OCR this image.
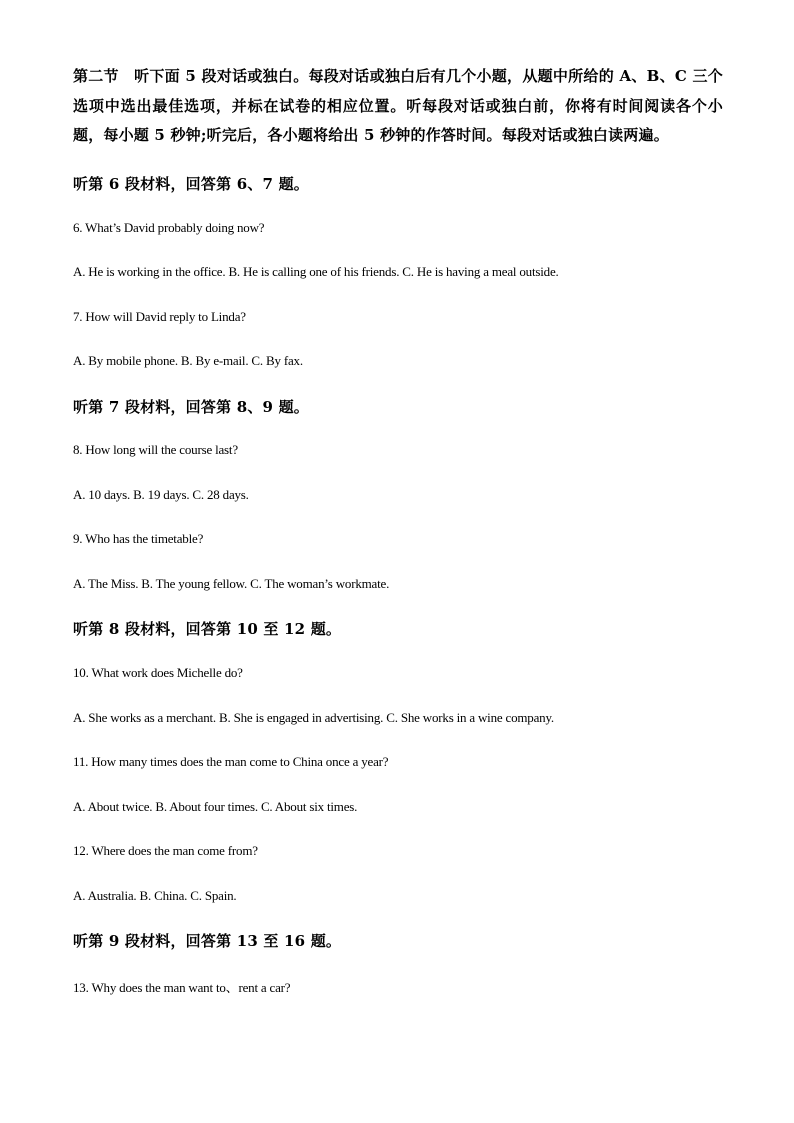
第二节　听下面 5 段对话或独白。每段对话或独白后有几个小题，从题中所给的 A、B、C 三个选项中选出最佳选项，并标在试卷的相应位置。听每段对话或独白前，你将有时间阅读各个小题，每小题 5 秒钟;听完后，各小题将给出 5 秒钟的作答时间。每段对话或独白读两遍。
听第 6 段材料，回答第 6、7 题。
6. What’s David probably doing now?
A. He is working in the office. B. He is calling one of his friends. C. He is having a meal outside.
7. How will David reply to Linda?
A. By mobile phone. B. By e-mail. C. By fax.
听第 7 段材料，回答第 8、9 题。
8. How long will the course last?
A. 10 days. B. 19 days. C. 28 days.
9. Who has the timetable?
A. The Miss. B. The young fellow. C. The woman’s workmate.
听第 8 段材料，回答第 10 至 12 题。
10. What work does Michelle do?
A. She works as a merchant. B. She is engaged in advertising. C. She works in a wine company.
11. How many times does the man come to China once a year?
A. About twice. B. About four times. C. About six times.
12. Where does the man come from?
A. Australia. B. China. C. Spain.
听第 9 段材料，回答第 13 至 16 题。
13. Why does the man want to、rent a car?
